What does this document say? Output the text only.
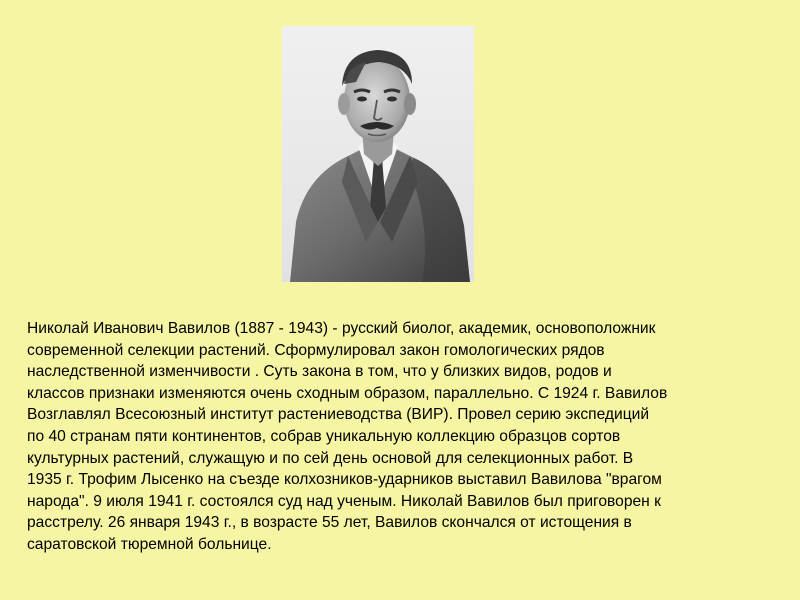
Николай Иванович Вавилов (1887 - 1943) - русский биолог, академик, основоположник
современной селекции растений. Сформулировал закон гомологических рядов
наследственной изменчивости . Суть закона в том, что у близких видов, родов и
классов признаки изменяются очень сходным образом, параллельно. С 1924 г. Вавилов
Возглавлял Всесоюзный институт растениеводства (ВИР). Провел серию экспедиций
по 40 странам пяти континентов, собрав уникальную коллекцию образцов сортов
культурных растений, служащую и по сей день основой для селекционных работ. В
1935 г. Трофим Лысенко на съезде колхозников-ударников выставил Вавилова "врагом
народа". 9 июля 1941 г. состоялся суд над ученым. Николай Вавилов был приговорен к
расстрелу. 26 января 1943 г., в возрасте 55 лет, Вавилов скончался от истощения в
саратовской тюремной больнице.
